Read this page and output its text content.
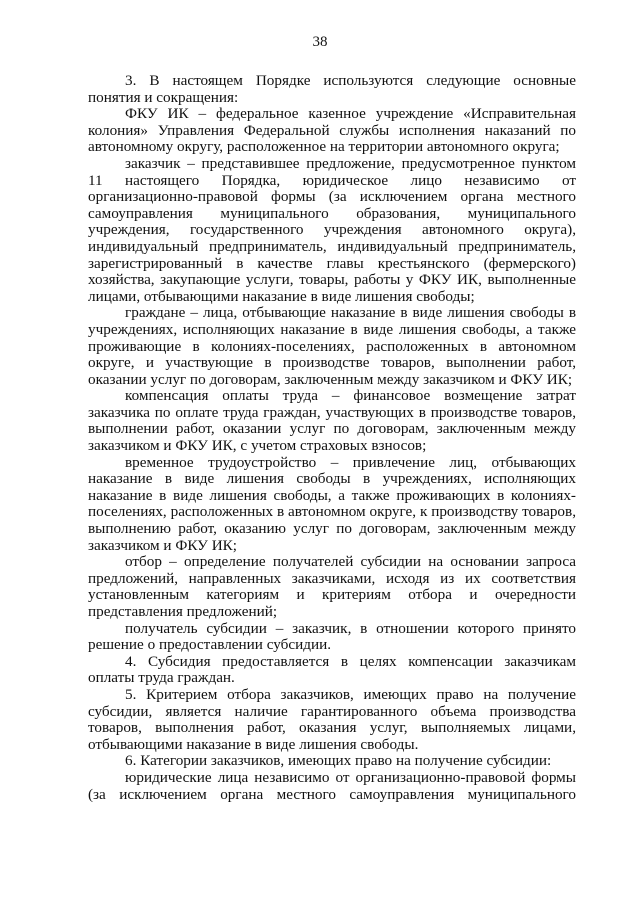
38

3. В настоящем Порядке используются следующие основные понятия и сокращения:

ФКУ ИК – федеральное казенное учреждение «Исправительная колония» Управления Федеральной службы исполнения наказаний по автономному округу, расположенное на территории автономного округа;

заказчик – представившее предложение, предусмотренное пунктом 11 настоящего Порядка, юридическое лицо независимо от организационно-правовой формы (за исключением органа местного самоуправления муниципального образования, муниципального учреждения, государственного учреждения автономного округа), индивидуальный предприниматель, индивидуальный предприниматель, зарегистрированный в качестве главы крестьянского (фермерского) хозяйства, закупающие услуги, товары, работы у ФКУ ИК, выполненные лицами, отбывающими наказание в виде лишения свободы;

граждане – лица, отбывающие наказание в виде лишения свободы в учреждениях, исполняющих наказание в виде лишения свободы, а также проживающие в колониях-поселениях, расположенных в автономном округе, и участвующие в производстве товаров, выполнении работ, оказании услуг по договорам, заключенным между заказчиком и ФКУ ИК;

компенсация оплаты труда – финансовое возмещение затрат заказчика по оплате труда граждан, участвующих в производстве товаров, выполнении работ, оказании услуг по договорам, заключенным между заказчиком и ФКУ ИК, с учетом страховых взносов;

временное трудоустройство – привлечение лиц, отбывающих наказание в виде лишения свободы в учреждениях, исполняющих наказание в виде лишения свободы, а также проживающих в колониях-поселениях, расположенных в автономном округе, к производству товаров, выполнению работ, оказанию услуг по договорам, заключенным между заказчиком и ФКУ ИК;

отбор – определение получателей субсидии на основании запроса предложений, направленных заказчиками, исходя из их соответствия установленным категориям и критериям отбора и очередности представления предложений;

получатель субсидии – заказчик, в отношении которого принято решение о предоставлении субсидии.

4. Субсидия предоставляется в целях компенсации заказчикам оплаты труда граждан.

5. Критерием отбора заказчиков, имеющих право на получение субсидии, является наличие гарантированного объема производства товаров, выполнения работ, оказания услуг, выполняемых лицами, отбывающими наказание в виде лишения свободы.

6. Категории заказчиков, имеющих право на получение субсидии:

юридические лица независимо от организационно-правовой формы (за исключением органа местного самоуправления муниципального
